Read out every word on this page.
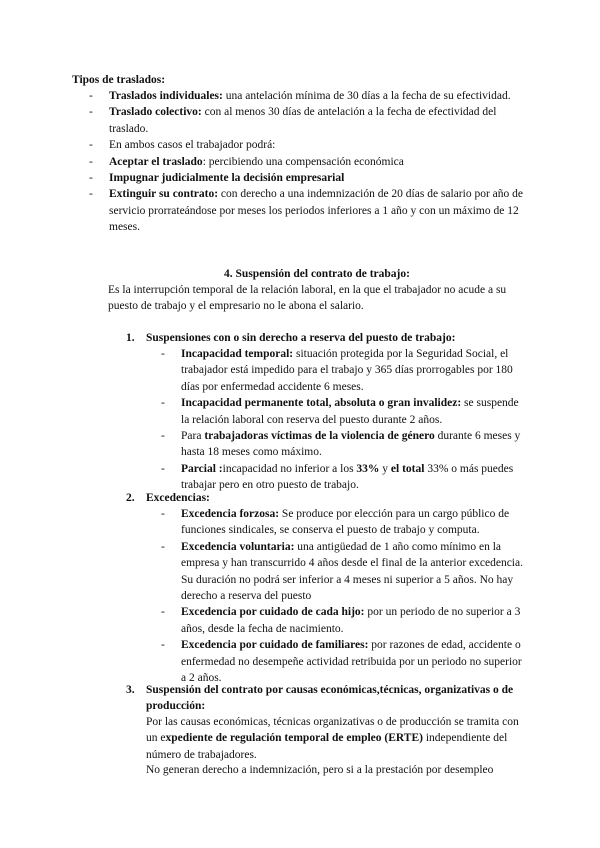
Tipos de traslados:
- Traslados individuales: una antelación mínima de 30 días a la fecha de su efectividad.
- Traslado colectivo: con al menos 30 días de antelación a la fecha de efectividad del traslado.
- En ambos casos el trabajador podrá:
- Aceptar el traslado: percibiendo una compensación económica
- Impugnar judicialmente la decisión empresarial
- Extinguir su contrato: con derecho a una indemnización de 20 días de salario por año de servicio prorrateándose por meses los periodos inferiores a 1 año y con un máximo de 12 meses.
4. Suspensión del contrato de trabajo:
Es la interrupción temporal de la relación laboral, en la que el trabajador no acude a su puesto de trabajo y el empresario no le abona el salario.
1. Suspensiones con o sin derecho a reserva del puesto de trabajo:
- Incapacidad temporal: situación protegida por la Seguridad Social, el trabajador está impedido para el trabajo y 365 días prorrogables por 180 días por enfermedad accidente 6 meses.
- Incapacidad permanente total, absoluta o gran invalidez: se suspende la relación laboral con reserva del puesto durante 2 años.
- Para trabajadoras víctimas de la violencia de género durante 6 meses y hasta 18 meses como máximo.
- Parcial :incapacidad no inferior a los 33% y el total 33% o más puedes trabajar pero en otro puesto de trabajo.
2. Excedencias:
- Excedencia forzosa: Se produce por elección para un cargo público de funciones sindicales, se conserva el puesto de trabajo y computa.
- Excedencia voluntaria: una antigüedad de 1 año como mínimo en la empresa y han transcurrido 4 años desde el final de la anterior excedencia. Su duración no podrá ser inferior a 4 meses ni superior a 5 años. No hay derecho a reserva del puesto
- Excedencia por cuidado de cada hijo: por un periodo de no superior a 3 años, desde la fecha de nacimiento.
- Excedencia por cuidado de familiares: por razones de edad, accidente o enfermedad no desempeñe actividad retribuida por un periodo no superior a 2 años.
3. Suspensión del contrato por causas económicas,técnicas, organizativas o de producción:
Por las causas económicas, técnicas organizativas o de producción se tramita con un expediente de regulación temporal de empleo (ERTE) independiente del número de trabajadores.
No generan derecho a indemnización, pero si a la prestación por desempleo
